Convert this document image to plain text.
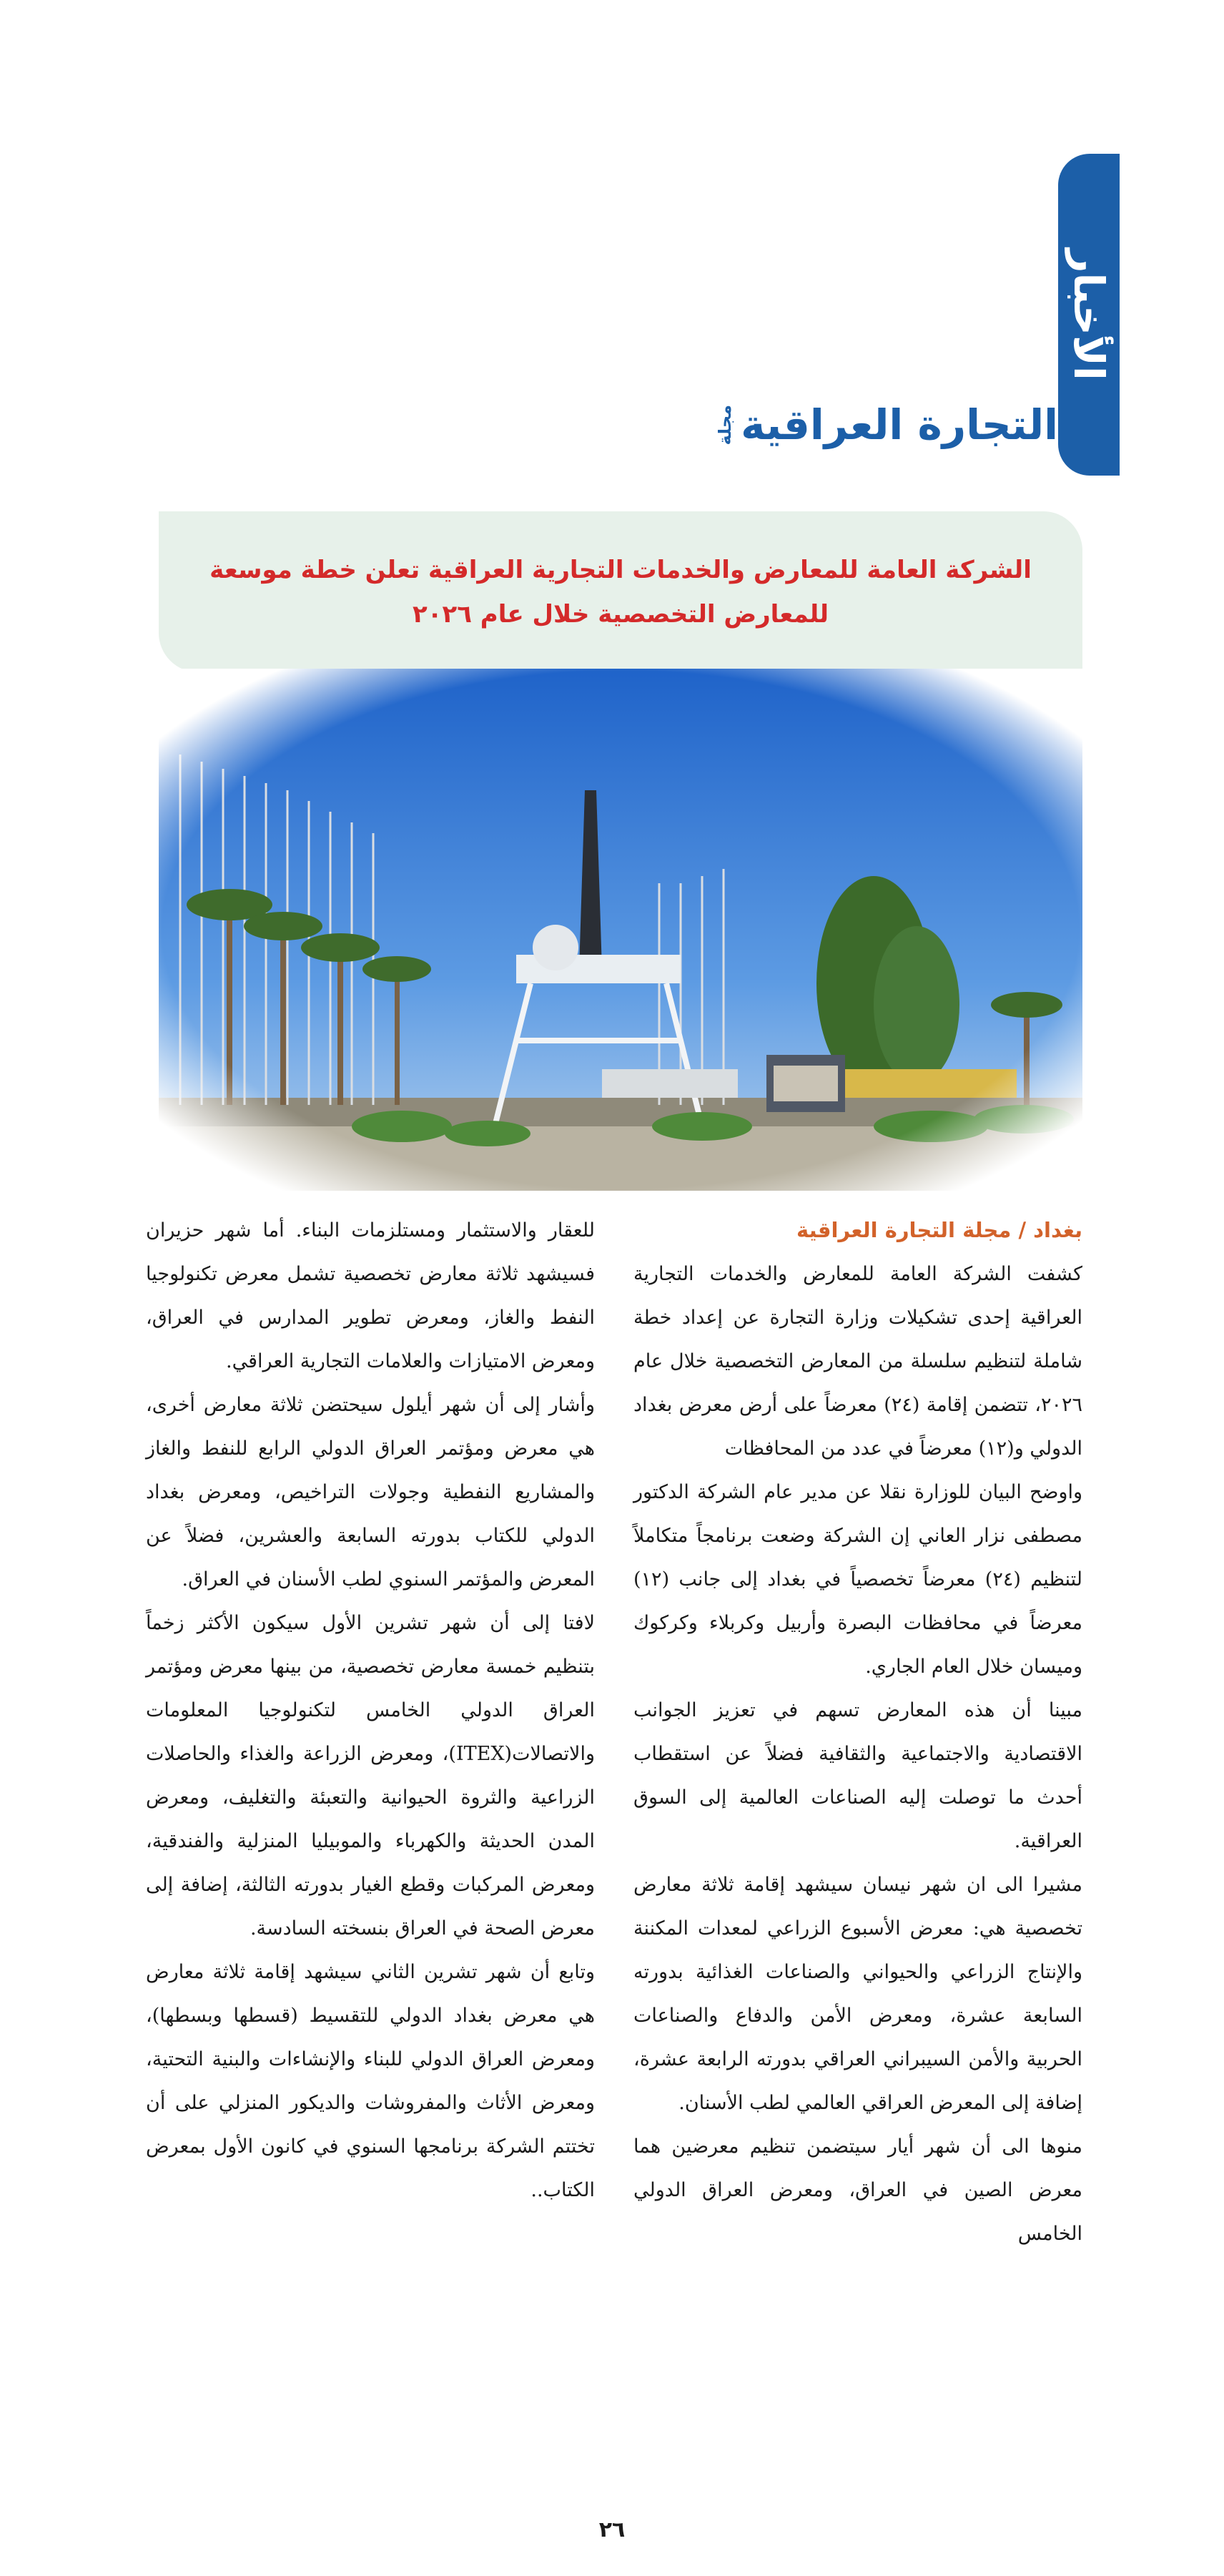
الأخبار
التجارة العراقية
مجلة
الشركة العامة للمعارض والخدمات التجارية العراقية تعلن خطة موسعة
للمعارض التخصصية خلال عام ٢٠٢٦

بغداد / مجلة التجارة العراقية

كشفت الشركة العامة للمعارض والخدمات التجارية العراقية إحدى تشكيلات وزارة التجارة عن إعداد خطة شاملة لتنظيم سلسلة من المعارض التخصصية خلال عام ٢٠٢٦، تتضمن إقامة (٢٤) معرضاً على أرض معرض بغداد الدولي و(١٢) معرضاً في عدد من المحافظات

واوضح البيان للوزارة نقلا عن مدير عام الشركة الدكتور مصطفى نزار العاني إن الشركة وضعت برنامجاً متكاملاً لتنظيم (٢٤) معرضاً تخصصياً في بغداد إلى جانب (١٢) معرضاً في محافظات البصرة وأربيل وكربلاء وكركوك وميسان خلال العام الجاري.

مبينا أن هذه المعارض تسهم في تعزيز الجوانب الاقتصادية والاجتماعية والثقافية فضلاً عن استقطاب أحدث ما توصلت إليه الصناعات العالمية إلى السوق العراقية.

مشيرا الى ان شهر نيسان سيشهد إقامة ثلاثة معارض تخصصية هي: معرض الأسبوع الزراعي لمعدات المكننة والإنتاج الزراعي والحيواني والصناعات الغذائية بدورته السابعة عشرة، ومعرض الأمن والدفاع والصناعات الحربية والأمن السيبراني العراقي بدورته الرابعة عشرة، إضافة إلى المعرض العراقي العالمي لطب الأسنان.

منوها الى أن شهر أيار سيتضمن تنظيم معرضين هما معرض الصين في العراق، ومعرض العراق الدولي الخامس

للعقار والاستثمار ومستلزمات البناء. أما شهر حزيران فسيشهد ثلاثة معارض تخصصية تشمل معرض تكنولوجيا النفط والغاز، ومعرض تطوير المدارس في العراق، ومعرض الامتيازات والعلامات التجارية العراقي.

وأشار إلى أن شهر أيلول سيحتضن ثلاثة معارض أخرى، هي معرض ومؤتمر العراق الدولي الرابع للنفط والغاز والمشاريع النفطية وجولات التراخيص، ومعرض بغداد الدولي للكتاب بدورته السابعة والعشرين، فضلاً عن المعرض والمؤتمر السنوي لطب الأسنان في العراق.

لافتا إلى أن شهر تشرين الأول سيكون الأكثر زخماً بتنظيم خمسة معارض تخصصية، من بينها معرض ومؤتمر العراق الدولي الخامس لتكنولوجيا المعلومات والاتصالات(ITEX)، ومعرض الزراعة والغذاء والحاصلات الزراعية والثروة الحيوانية والتعبئة والتغليف، ومعرض المدن الحديثة والكهرباء والموبيليا المنزلية والفندقية، ومعرض المركبات وقطع الغيار بدورته الثالثة، إضافة إلى معرض الصحة في العراق بنسخته السادسة.

وتابع أن شهر تشرين الثاني سيشهد إقامة ثلاثة معارض هي معرض بغداد الدولي للتقسيط (قسطها وبسطها)، ومعرض العراق الدولي للبناء والإنشاءات والبنية التحتية، ومعرض الأثاث والمفروشات والديكور المنزلي على أن تختتم الشركة برنامجها السنوي في كانون الأول بمعرض الكتاب..

٢٦
